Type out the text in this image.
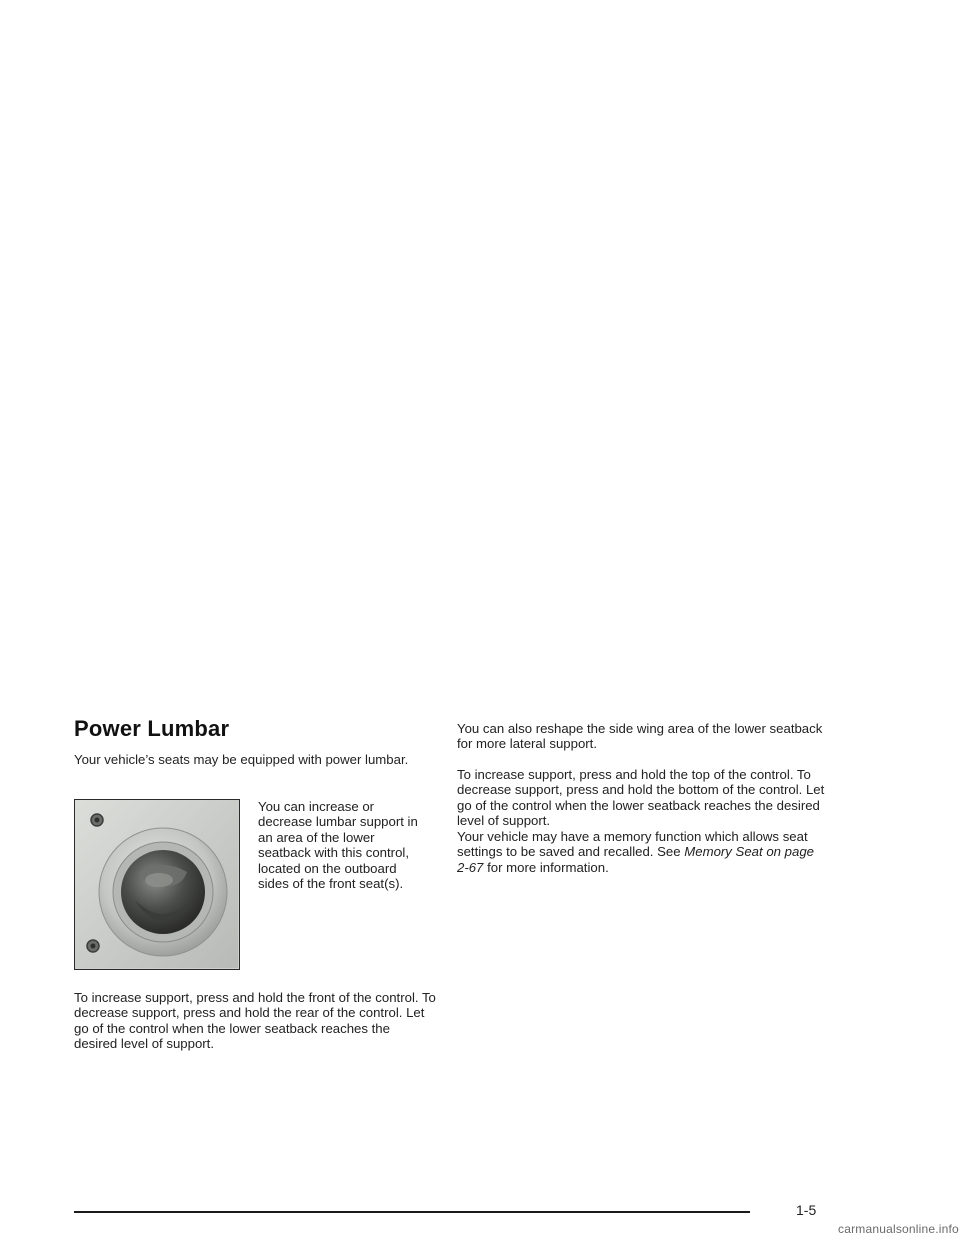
Power Lumbar

Your vehicle’s seats may be equipped with power lumbar.

You can increase or decrease lumbar support in an area of the lower seatback with this control, located on the outboard sides of the front seat(s).

To increase support, press and hold the front of the control. To decrease support, press and hold the rear of the control. Let go of the control when the lower seatback reaches the desired level of support.

You can also reshape the side wing area of the lower seatback for more lateral support.

To increase support, press and hold the top of the control. To decrease support, press and hold the bottom of the control. Let go of the control when the lower seatback reaches the desired level of support.

Your vehicle may have a memory function which allows seat settings to be saved and recalled. See Memory Seat on page 2-67 for more information.

1-5
carmanualsonline.info
